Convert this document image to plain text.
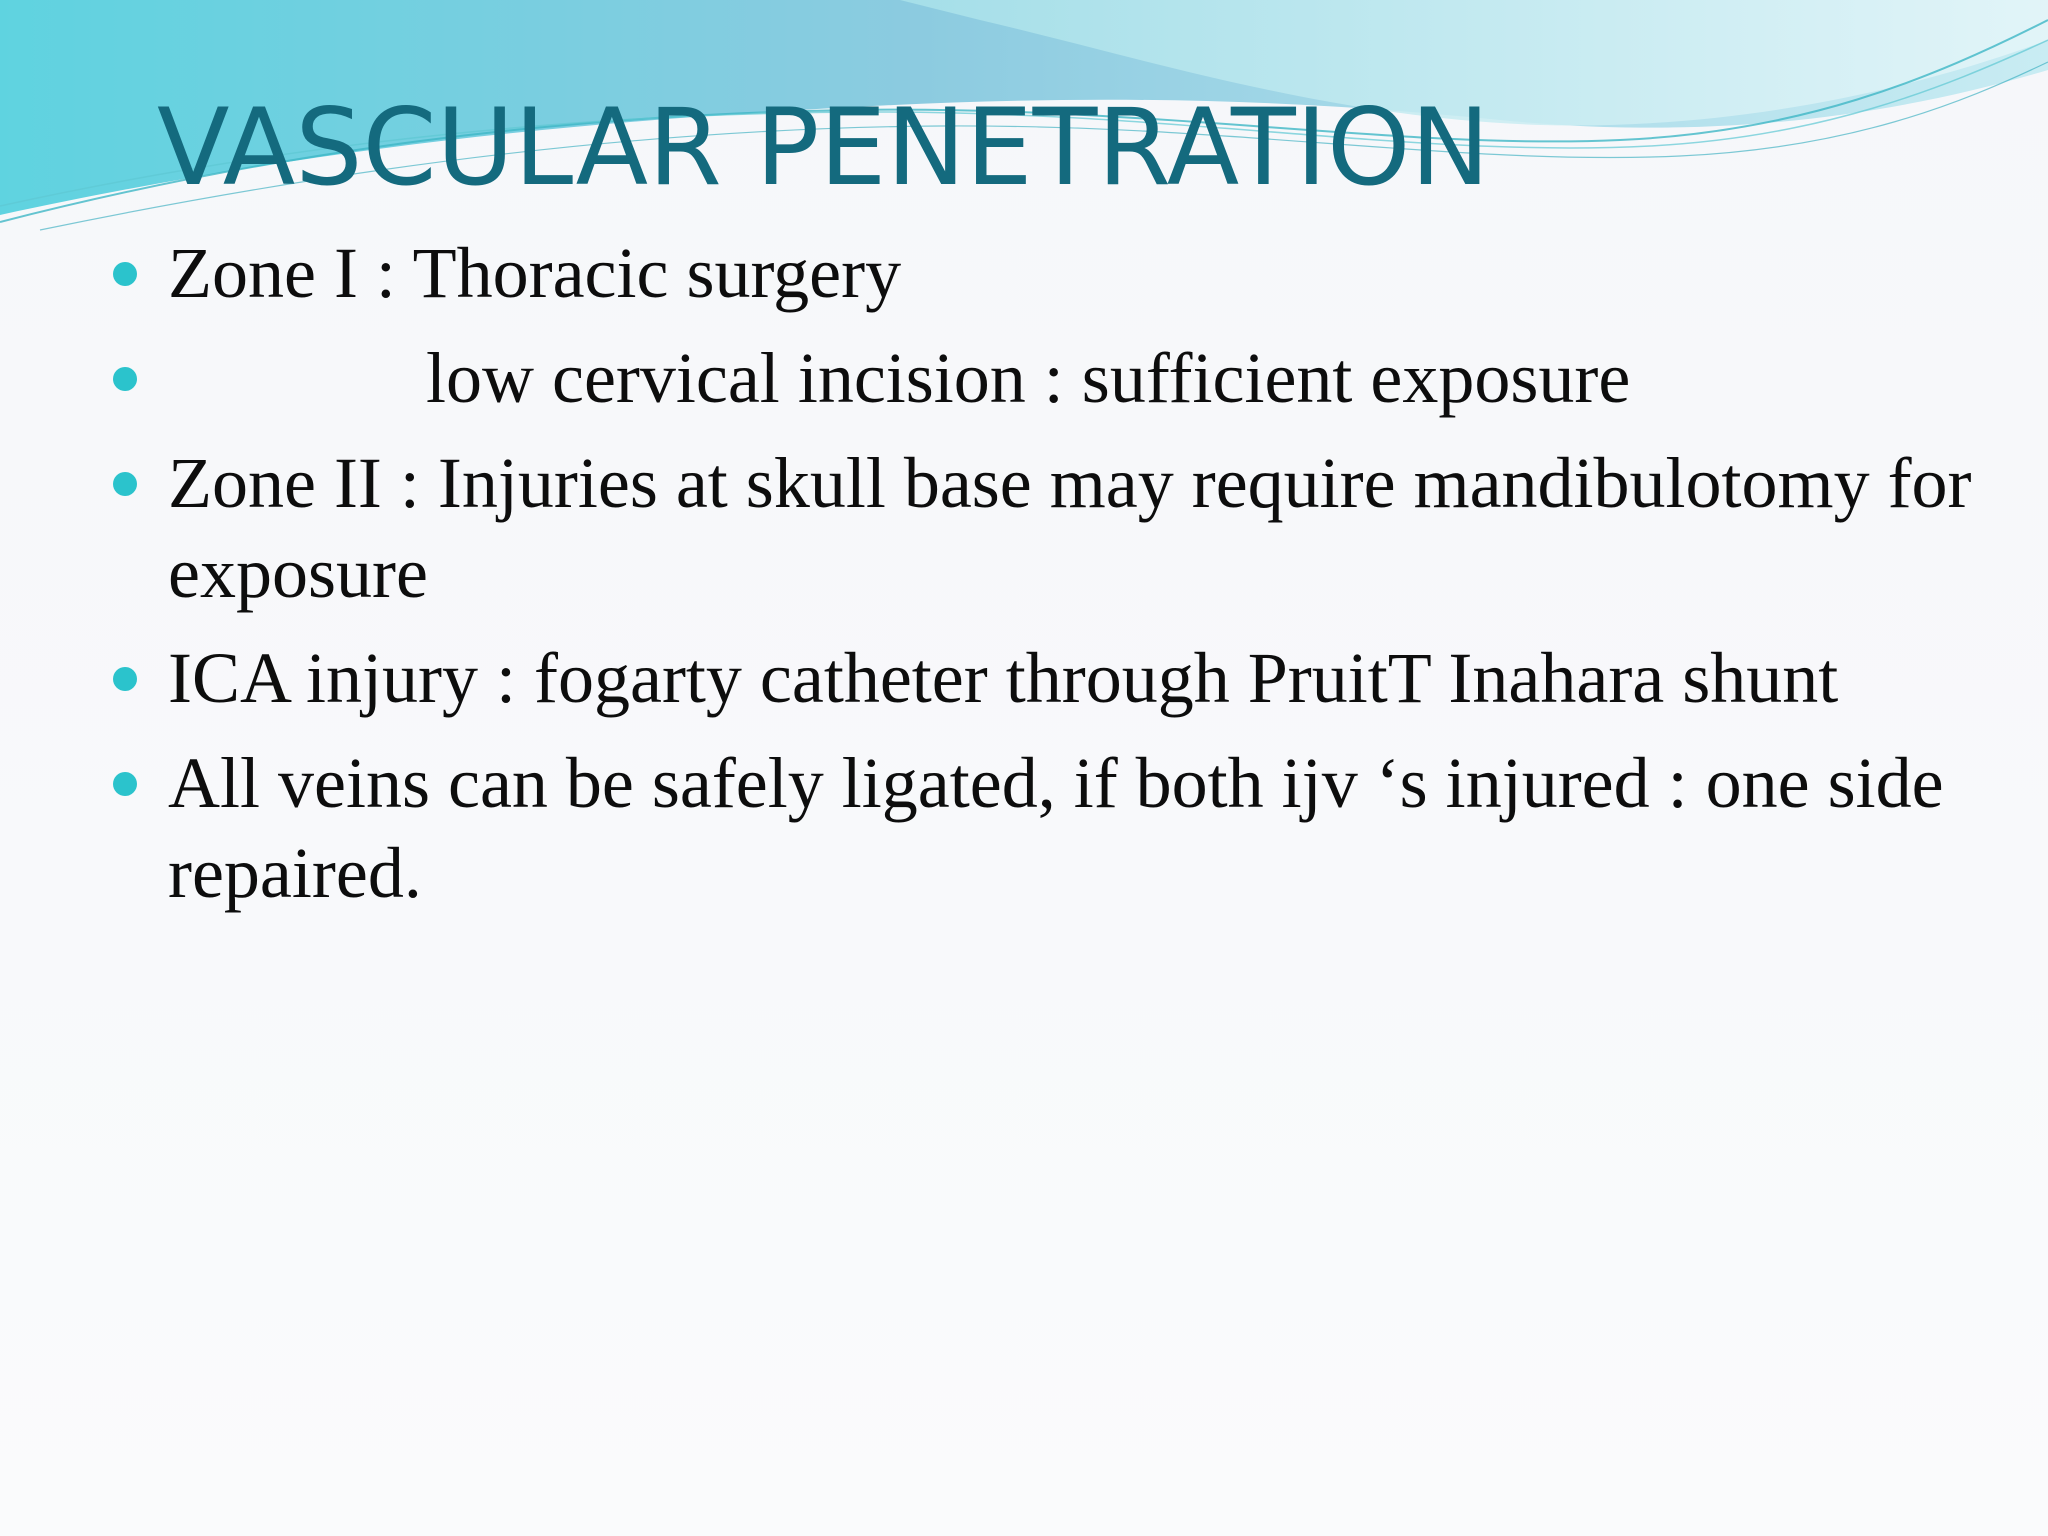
VASCULAR PENETRATION
Zone I : Thoracic surgery
low cervical incision : sufficient exposure
Zone II : Injuries at skull base may require mandibulotomy for exposure
ICA injury : fogarty catheter through PruitT Inahara shunt
All veins can be safely ligated, if both ijv ‘s injured : one side repaired.
